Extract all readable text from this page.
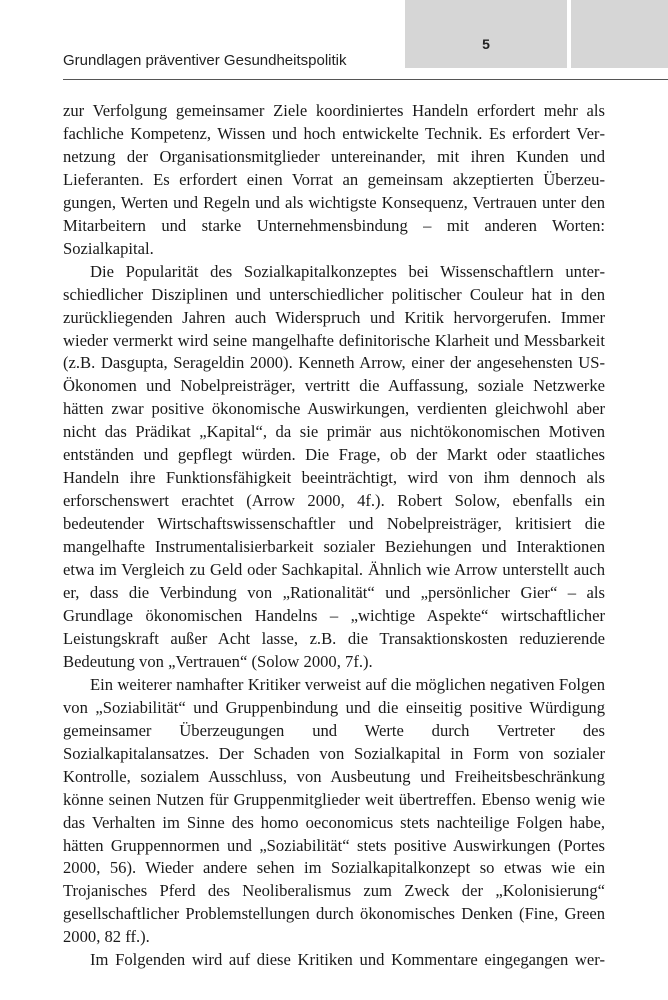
5
Grundlagen präventiver Gesundheitspolitik

zur Verfolgung gemeinsamer Ziele koordiniertes Handeln erfordert mehr als fachliche Kompetenz, Wissen und hoch entwickelte Technik. Es erfordert Vernetzung der Organisationsmitglieder untereinander, mit ihren Kunden und Lieferanten. Es erfordert einen Vorrat an gemeinsam akzeptierten Überzeugungen, Werten und Regeln und als wichtigste Konsequenz, Vertrauen unter den Mitarbeitern und starke Unternehmensbindung – mit anderen Worten: Sozialkapital.

Die Popularität des Sozialkapitalkonzeptes bei Wissenschaftlern unterschiedlicher Disziplinen und unterschiedlicher politischer Couleur hat in den zurückliegenden Jahren auch Widerspruch und Kritik hervorgerufen. Immer wieder vermerkt wird seine mangelhafte definitorische Klarheit und Messbarkeit (z.B. Dasgupta, Serageldin 2000). Kenneth Arrow, einer der angesehensten US-Ökonomen und Nobelpreisträger, vertritt die Auffassung, soziale Netzwerke hätten zwar positive ökonomische Auswirkungen, verdienten gleichwohl aber nicht das Prädikat „Kapital“, da sie primär aus nichtökonomischen Motiven entständen und gepflegt würden. Die Frage, ob der Markt oder staatliches Handeln ihre Funktionsfähigkeit beeinträchtigt, wird von ihm dennoch als erforschenswert erachtet (Arrow 2000, 4f.). Robert Solow, ebenfalls ein bedeutender Wirtschaftswissenschaftler und Nobelpreisträger, kritisiert die mangelhafte Instrumentalisierbarkeit sozialer Beziehungen und Interaktionen etwa im Vergleich zu Geld oder Sachkapital. Ähnlich wie Arrow unterstellt auch er, dass die Verbindung von „Rationalität“ und „persönlicher Gier“ – als Grundlage ökonomischen Handelns – „wichtige Aspekte“ wirtschaftlicher Leistungskraft außer Acht lasse, z.B. die Transaktionskosten reduzierende Bedeutung von „Vertrauen“ (Solow 2000, 7f.).

Ein weiterer namhafter Kritiker verweist auf die möglichen negativen Folgen von „Soziabilität“ und Gruppenbindung und die einseitig positive Würdigung gemeinsamer Überzeugungen und Werte durch Vertreter des Sozialkapitalansatzes. Der Schaden von Sozialkapital in Form von sozialer Kontrolle, sozialem Ausschluss, von Ausbeutung und Freiheitsbeschränkung könne seinen Nutzen für Gruppenmitglieder weit übertreffen. Ebenso wenig wie das Verhalten im Sinne des homo oeconomicus stets nachteilige Folgen habe, hätten Gruppennormen und „Soziabilität“ stets positive Auswirkungen (Portes 2000, 56). Wieder andere sehen im Sozialkapitalkonzept so etwas wie ein Trojanisches Pferd des Neoliberalismus zum Zweck der „Kolonisierung“ gesellschaftlicher Problemstellungen durch ökonomisches Denken (Fine, Green 2000, 82 ff.).

Im Folgenden wird auf diese Kritiken und Kommentare eingegangen wer-
